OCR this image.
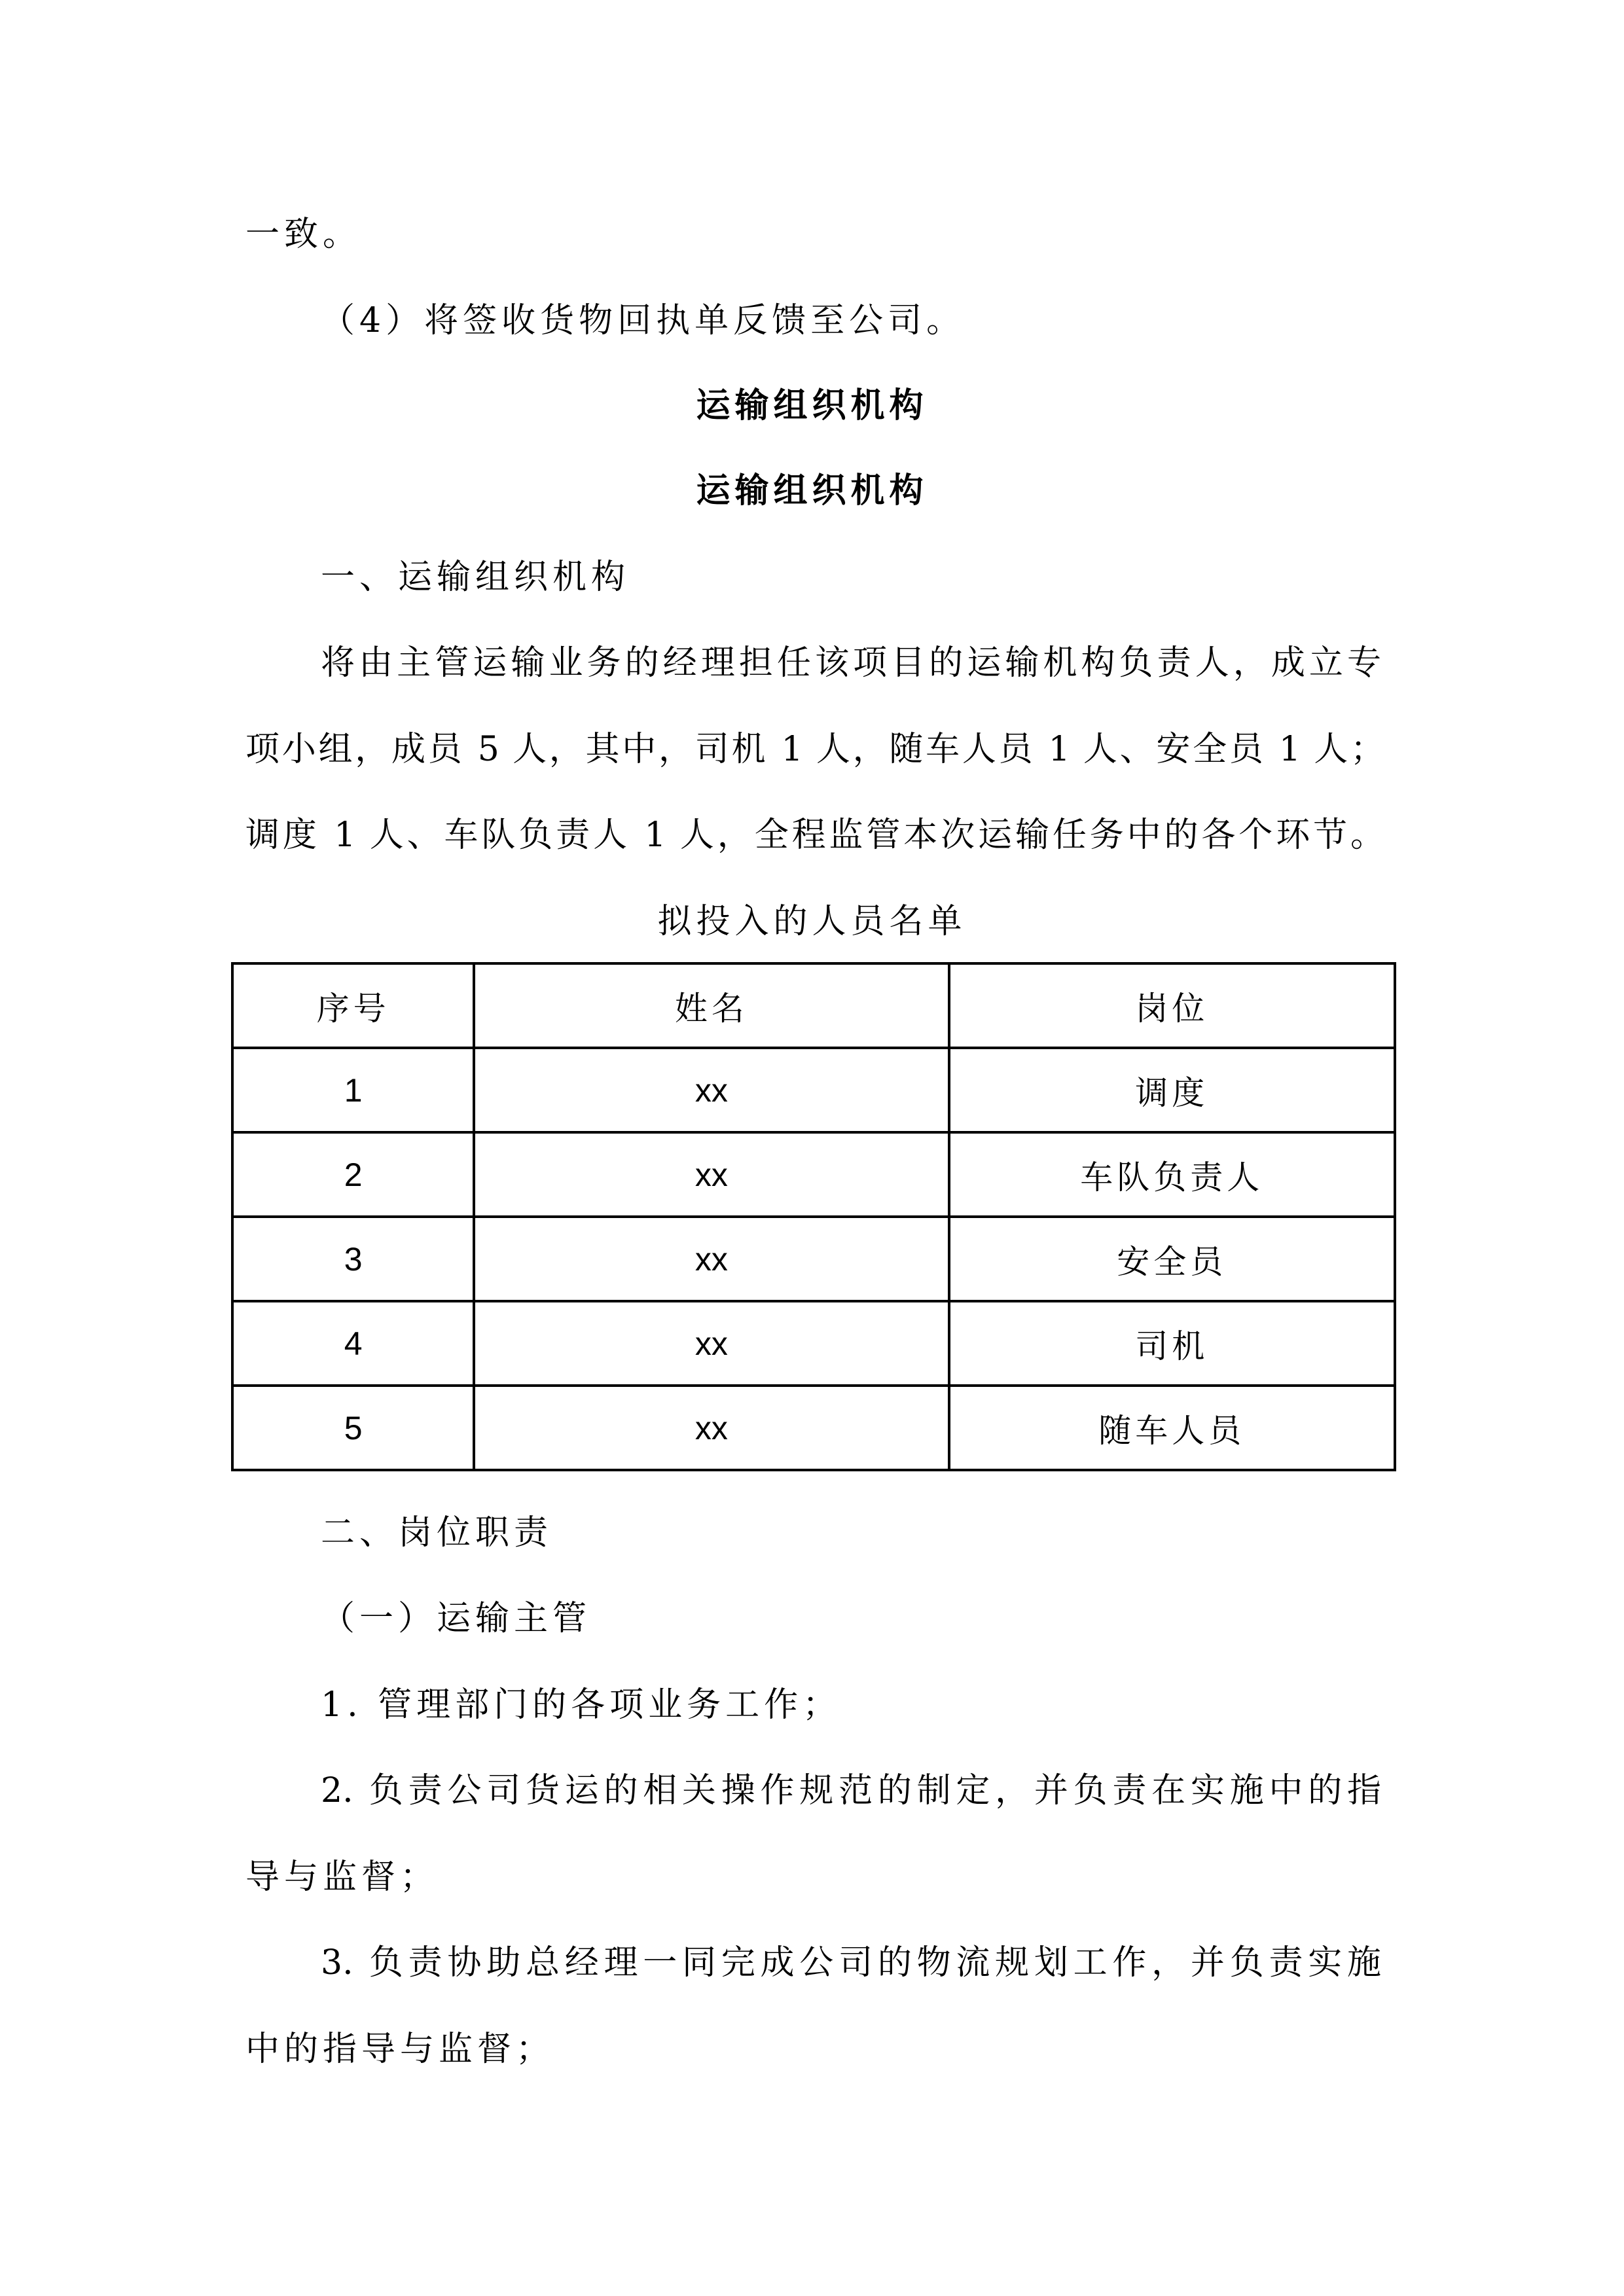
一致。
（4）将签收货物回执单反馈至公司。
运输组织机构
运输组织机构
一、运输组织机构
将由主管运输业务的经理担任该项目的运输机构负责人，成立专
项小组，成员 5 人，其中，司机 1 人，随车人员 1 人、安全员 1 人；
调度 1 人、车队负责人 1 人，全程监管本次运输任务中的各个环节。
拟投入的人员名单
序号	姓名	岗位
1	xx	调度
2	xx	车队负责人
3	xx	安全员
4	xx	司机
5	xx	随车人员
二、岗位职责
（一）运输主管
1. 管理部门的各项业务工作；
2. 负责公司货运的相关操作规范的制定，并负责在实施中的指
导与监督；
3. 负责协助总经理一同完成公司的物流规划工作，并负责实施
中的指导与监督；
